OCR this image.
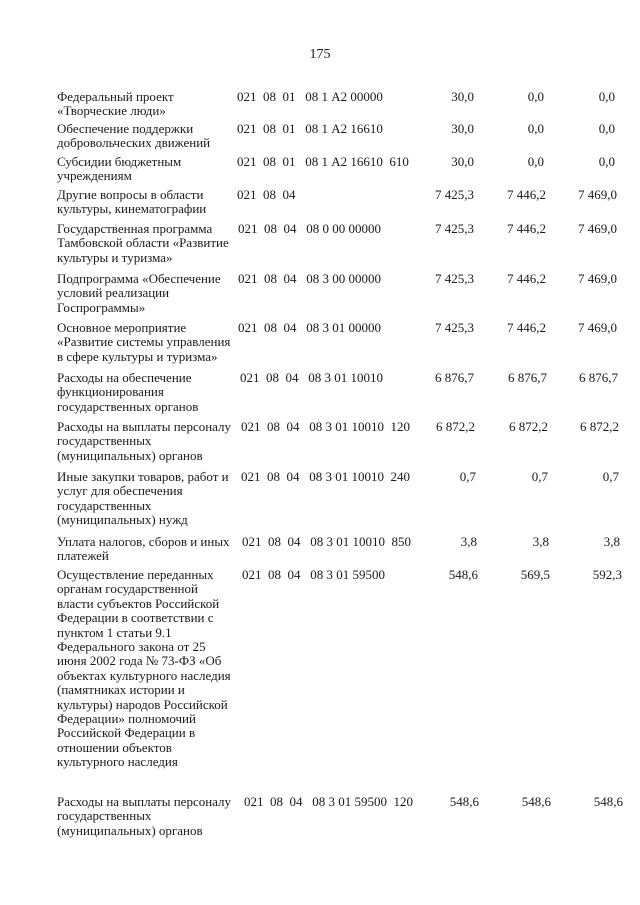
175
Федеральный проект «Творческие люди»
021  08  01   08 1 А2 00000	30,0	0,0	0,0
Обеспечение поддержки добровольческих движений
021  08  01   08 1 А2 16610	30,0	0,0	0,0
Субсидии бюджетным учреждениям
021  08  01   08 1 А2 16610  610	30,0	0,0	0,0
Другие вопросы в области культуры, кинематографии
021  08  04	7 425,3	7 446,2	7 469,0
Государственная программа Тамбовской области «Развитие культуры и туризма»
021  08  04   08 0 00 00000	7 425,3	7 446,2	7 469,0
Подпрограмма «Обеспечение условий реализации Госпрограммы»
021  08  04   08 3 00 00000	7 425,3	7 446,2	7 469,0
Основное мероприятие «Развитие системы управления в сфере культуры и туризма»
021  08  04   08 3 01 00000	7 425,3	7 446,2	7 469,0
Расходы на обеспечение функционирования государственных органов
021  08  04   08 3 01 10010	6 876,7	6 876,7	6 876,7
Расходы на выплаты персоналу государственных (муниципальных) органов
021  08  04   08 3 01 10010  120	6 872,2	6 872,2	6 872,2
Иные закупки товаров, работ и услуг для обеспечения государственных (муниципальных) нужд
021  08  04   08 3 01 10010  240	0,7	0,7	0,7
Уплата налогов, сборов и иных платежей
021  08  04   08 3 01 10010  850	3,8	3,8	3,8
Осуществление переданных органам государственной власти субъектов Российской Федерации в соответствии с пунктом 1 статьи 9.1 Федерального закона от 25 июня 2002 года № 73-ФЗ «Об объектах культурного наследия (памятниках истории и культуры) народов Российской Федерации» полномочий Российской Федерации в отношении объектов культурного наследия
021  08  04   08 3 01 59500	548,6	569,5	592,3
Расходы на выплаты персоналу государственных (муниципальных) органов
021  08  04   08 3 01 59500  120	548,6	548,6	548,6
